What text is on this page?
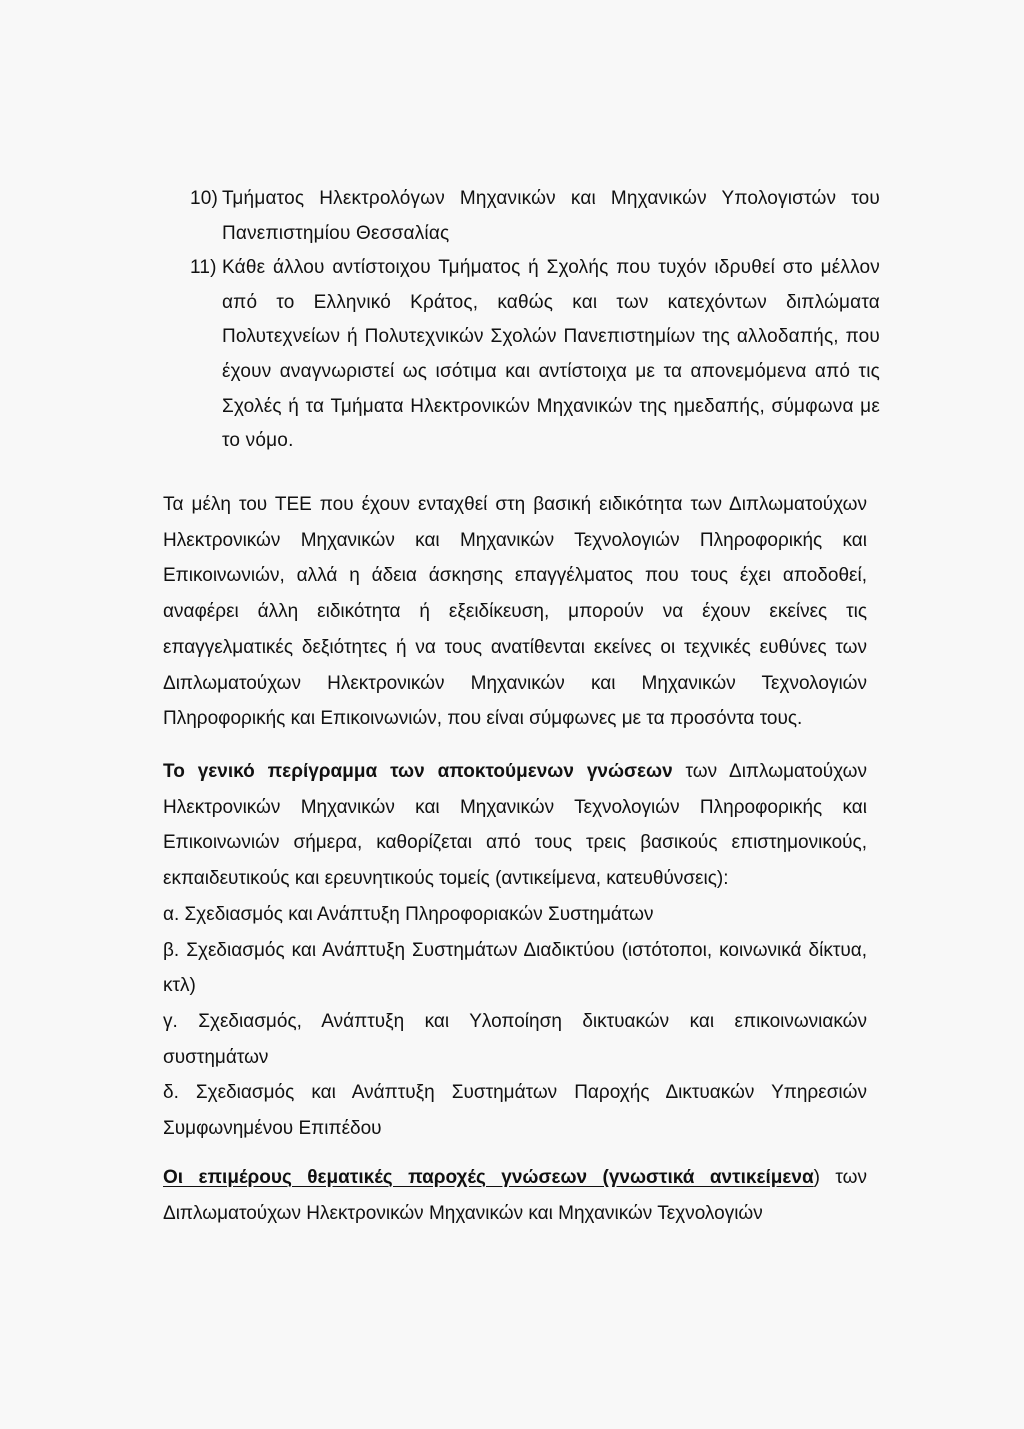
10) Τμήματος Ηλεκτρολόγων Μηχανικών και Μηχανικών Υπολογιστών του Πανεπιστημίου Θεσσαλίας
11) Κάθε άλλου αντίστοιχου Τμήματος ή Σχολής που τυχόν ιδρυθεί στο μέλλον από το Ελληνικό Κράτος, καθώς και των κατεχόντων διπλώματα Πολυτεχνείων ή Πολυτεχνικών Σχολών Πανεπιστημίων της αλλοδαπής, που έχουν αναγνωριστεί ως ισότιμα και αντίστοιχα με τα απονεμόμενα από τις Σχολές ή τα Τμήματα Ηλεκτρονικών Μηχανικών της ημεδαπής, σύμφωνα με το νόμο.
Τα μέλη του ΤΕΕ που έχουν ενταχθεί στη βασική ειδικότητα των Διπλωματούχων Ηλεκτρονικών Μηχανικών και Μηχανικών Τεχνολογιών Πληροφορικής και Επικοινωνιών, αλλά η άδεια άσκησης επαγγέλματος που τους έχει αποδοθεί, αναφέρει άλλη ειδικότητα ή εξειδίκευση, μπορούν να έχουν εκείνες τις επαγγελματικές δεξιότητες ή να τους ανατίθενται εκείνες οι τεχνικές ευθύνες των Διπλωματούχων Ηλεκτρονικών Μηχανικών και Μηχανικών Τεχνολογιών Πληροφορικής και Επικοινωνιών, που είναι σύμφωνες με τα προσόντα τους.
Το γενικό περίγραμμα των αποκτούμενων γνώσεων των Διπλωματούχων Ηλεκτρονικών Μηχανικών και Μηχανικών Τεχνολογιών Πληροφορικής και Επικοινωνιών σήμερα, καθορίζεται από τους τρεις βασικούς επιστημονικούς, εκπαιδευτικούς και ερευνητικούς τομείς (αντικείμενα, κατευθύνσεις):
α. Σχεδιασμός και Ανάπτυξη Πληροφοριακών Συστημάτων
β. Σχεδιασμός και Ανάπτυξη Συστημάτων Διαδικτύου (ιστότοποι, κοινωνικά δίκτυα, κτλ)
γ. Σχεδιασμός, Ανάπτυξη και Υλοποίηση δικτυακών και επικοινωνιακών συστημάτων
δ. Σχεδιασμός και Ανάπτυξη Συστημάτων Παροχής Δικτυακών Υπηρεσιών Συμφωνημένου Επιπέδου
Οι επιμέρους θεματικές παροχές γνώσεων (γνωστικά αντικείμενα) των Διπλωματούχων Ηλεκτρονικών Μηχανικών και Μηχανικών Τεχνολογιών
